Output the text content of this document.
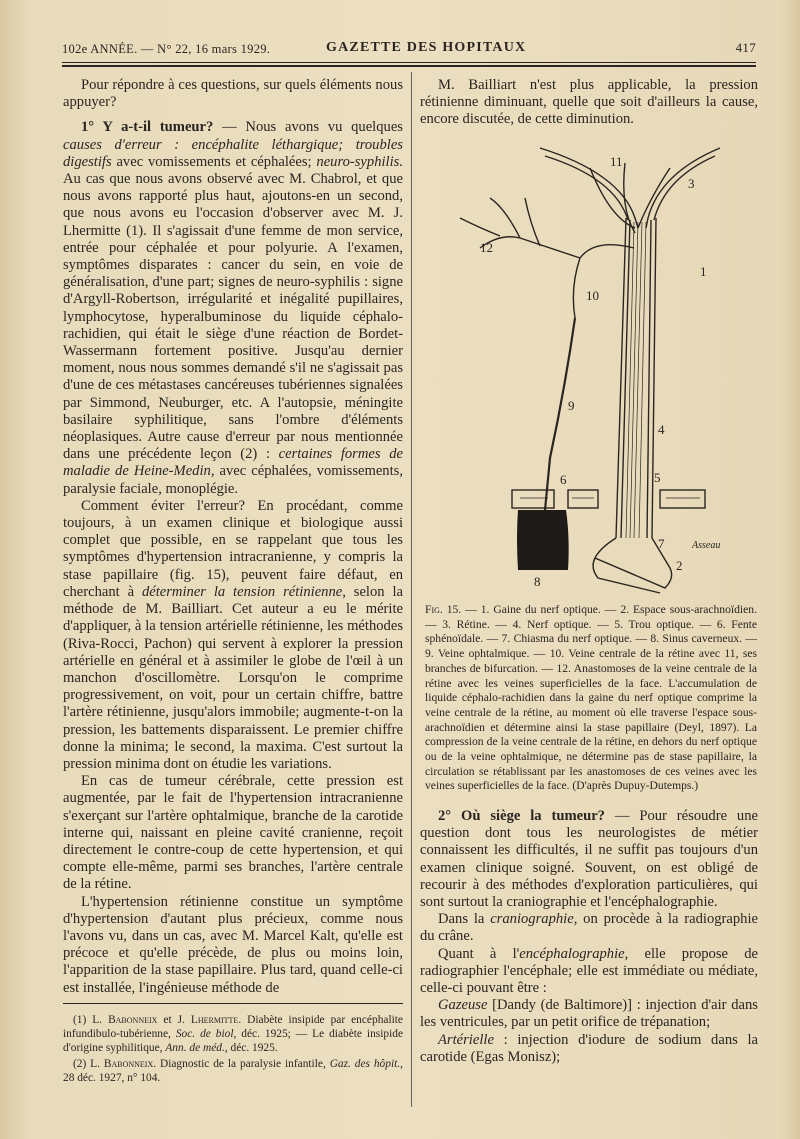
102e ANNÉE. — N° 22, 16 mars 1929.	GAZETTE DES HOPITAUX	417

Pour répondre à ces questions, sur quels éléments nous appuyer?

1° Y a-t-il tumeur? — Nous avons vu quelques causes d'erreur : encéphalite léthargique; troubles digestifs avec vomissements et céphalées; neuro-syphilis. Au cas que nous avons observé avec M. Chabrol, et que nous avons rapporté plus haut, ajoutons-en un second, que nous avons eu l'occasion d'observer avec M. J. Lhermitte (1). Il s'agissait d'une femme de mon service, entrée pour céphalée et pour polyurie. A l'examen, symptômes disparates : cancer du sein, en voie de généralisation, d'une part; signes de neuro-syphilis : signe d'Argyll-Robertson, irrégularité et inégalité pupillaires, lymphocytose, hyperalbuminose du liquide céphalo-rachidien, qui était le siège d'une réaction de Bordet-Wassermann fortement positive. Jusqu'au dernier moment, nous nous sommes demandé s'il ne s'agissait pas d'une de ces métastases cancéreuses tubériennes signalées par Simmond, Neuburger, etc. A l'autopsie, méningite basilaire syphilitique, sans l'ombre d'éléments néoplasiques. Autre cause d'erreur par nous mentionnée dans une précédente leçon (2) : certaines formes de maladie de Heine-Medin, avec céphalées, vomissements, paralysie faciale, monoplégie.

Comment éviter l'erreur? En procédant, comme toujours, à un examen clinique et biologique aussi complet que possible, en se rappelant que tous les symptômes d'hypertension intracranienne, y compris la stase papillaire (fig. 15), peuvent faire défaut, en cherchant à déterminer la tension rétinienne, selon la méthode de M. Bailliart. Cet auteur a eu le mérite d'appliquer, à la tension artérielle rétinienne, les méthodes (Riva-Rocci, Pachon) qui servent à explorer la pression artérielle en général et à assimiler le globe de l'œil à un manchon d'oscillomètre. Lorsqu'on le comprime progressivement, on voit, pour un certain chiffre, battre l'artère rétinienne, jusqu'alors immobile; augmente-t-on la pression, les battements disparaissent. Le premier chiffre donne la minima; le second, la maxima. C'est surtout la pression minima dont on étudie les variations.

En cas de tumeur cérébrale, cette pression est augmentée, par le fait de l'hypertension intracranienne s'exerçant sur l'artère ophtalmique, branche de la carotide interne qui, naissant en pleine cavité cranienne, reçoit directement le contre-coup de cette hypertension, et qui compte elle-même, parmi ses branches, l'artère centrale de la rétine.

L'hypertension rétinienne constitue un symptôme d'hypertension d'autant plus précieux, comme nous l'avons vu, dans un cas, avec M. Marcel Kalt, qu'elle est précoce et qu'elle précède, de plus ou moins loin, l'apparition de la stase papillaire. Plus tard, quand celle-ci est installée, l'ingénieuse méthode de

(1) L. Babonneix et J. Lhermitte. Diabète insipide par encéphalite infundibulo-tubérienne, Soc. de biol, déc. 1925; — Le diabète insipide d'origine syphilitique, Ann. de méd., déc. 1925.

(2) L. Babonneix. Diagnostic de la paralysie infantile, Gaz. des hôpit., 28 déc. 1927, n° 104.

M. Bailliart n'est plus applicable, la pression rétinienne diminuant, quelle que soit d'ailleurs la cause, encore discutée, de cette diminution.

1
2
3
4
5
6
7
8
9
10
11
12
Asseau
Fig. 15. — 1. Gaine du nerf optique. — 2. Espace sous-arachnoïdien. — 3. Rétine. — 4. Nerf optique. — 5. Trou optique. — 6. Fente sphénoïdale. — 7. Chiasma du nerf optique. — 8. Sinus caverneux. — 9. Veine ophtalmique. — 10. Veine centrale de la rétine avec 11, ses branches de bifurcation. — 12. Anastomoses de la veine centrale de la rétine avec les veines superficielles de la face. L'accumulation de liquide céphalo-rachidien dans la gaine du nerf optique comprime la veine centrale de la rétine, au moment où elle traverse l'espace sous-arachnoïdien et détermine ainsi la stase papillaire (Deyl, 1897). La compression de la veine centrale de la rétine, en dehors du nerf optique ou de la veine ophtalmique, ne détermine pas de stase papillaire, la circulation se rétablissant par les anastomoses de ces veines avec les veines superficielles de la face. (D'après Dupuy-Dutemps.)

2° Où siège la tumeur? — Pour résoudre une question dont tous les neurologistes de métier connaissent les difficultés, il ne suffit pas toujours d'un examen clinique soigné. Souvent, on est obligé de recourir à des méthodes d'exploration particulières, qui sont surtout la craniographie et l'encéphalographie.

Dans la craniographie, on procède à la radiographie du crâne.

Quant à l'encéphalographie, elle propose de radiographier l'encéphale; elle est immédiate ou médiate, celle-ci pouvant être :

Gazeuse [Dandy (de Baltimore)] : injection d'air dans les ventricules, par un petit orifice de trépanation;

Artérielle : injection d'iodure de sodium dans la carotide (Egas Monisz);
